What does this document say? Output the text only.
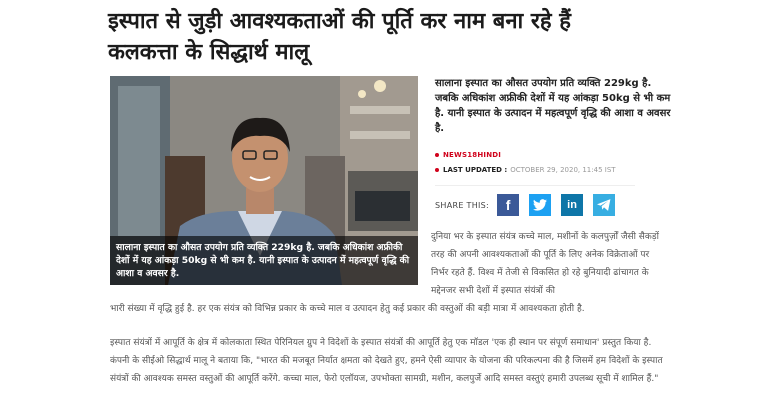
इस्पात से जुड़ी आवश्यकताओं की पूर्ति कर नाम बना रहे हैं कलकत्ता के सिद्धार्थ मालू
सालाना इस्पात का औसत उपयोग प्रति व्यक्ति 229kg है. जबकि अधिकांश अफ्रीकी देशों में यह आंकड़ा 50kg से भी कम है. यानी इस्पात के उत्पादन में महत्वपूर्ण वृद्धि की आशा व अवसर है.

सालाना इस्पात का औसत उपयोग प्रति व्यक्ति 229kg है. जबकि अधिकांश अफ्रीकी देशों में यह आंकड़ा 50kg से भी कम है. यानी इस्पात के उत्पादन में महत्वपूर्ण वृद्धि की आशा व अवसर है.

NEWS18HINDI
LAST UPDATED : OCTOBER 29, 2020, 11:45 IST
SHARE THIS: f	in

दुनिया भर के इस्पात संयंत्र कच्चे माल, मशीनों के कलपुर्ज़ों जैसी सैकड़ों तरह की अपनी आवश्यकताओं की पूर्ति के लिए अनेक विक्रेताओं पर निर्भर रहते हैं. विश्व में तेजी से विकसित हो रहे बुनियादी ढांचागत के मद्देनजर सभी देशों में इस्पात संयंत्रों की

भारी संख्या में वृद्धि हुई है. हर एक संयंत्र को विभिन्न प्रकार के कच्चे माल व उत्पादन हेतु कई प्रकार की वस्तुओं की बड़ी मात्रा में आवश्यकता होती है.

इस्पात संयंत्रों में आपूर्ति के क्षेत्र में कोलकाता स्थित पेरिनियल ग्रुप ने विदेशों के इस्पात संयंत्रों की आपूर्ति हेतु एक मॉडल 'एक ही स्थान पर संपूर्ण समाधान' प्रस्तुत किया है. कंपनी के सीईओ सिद्धार्थ मालू ने बताया कि, "भारत की मजबूत निर्यात क्षमता को देखते हुए, हमने ऐसी व्यापार के योजना की परिकल्पना की है जिसमें हम विदेशों के इस्पात संयंत्रों की आवश्यक समस्त वस्तुओं की आपूर्ति करेंगे. कच्चा माल, फेरो एलॉयज, उपभोक्ता सामग्री, मशीन, कलपुर्जे आदि समस्त वस्तुएं हमारी उपलब्ध सूची में शामिल हैं."
